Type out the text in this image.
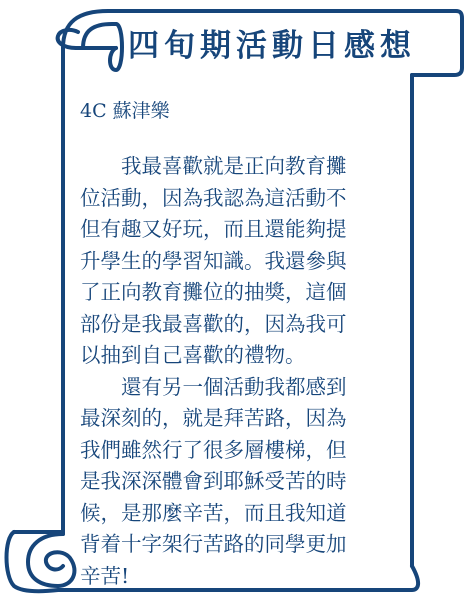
四旬期活動日感想
4C 蘇津樂
　　我最喜歡就是正向教育攤
位活動，因為我認為這活動不
但有趣又好玩，而且還能夠提
升學生的學習知識。我還參與
了正向教育攤位的抽獎，這個
部份是我最喜歡的，因為我可
以抽到自己喜歡的禮物。
　　還有另一個活動我都感到
最深刻的，就是拜苦路，因為
我們雖然行了很多層樓梯，但
是我深深體會到耶穌受苦的時
候，是那麼辛苦，而且我知道
背着十字架行苦路的同學更加
辛苦!
